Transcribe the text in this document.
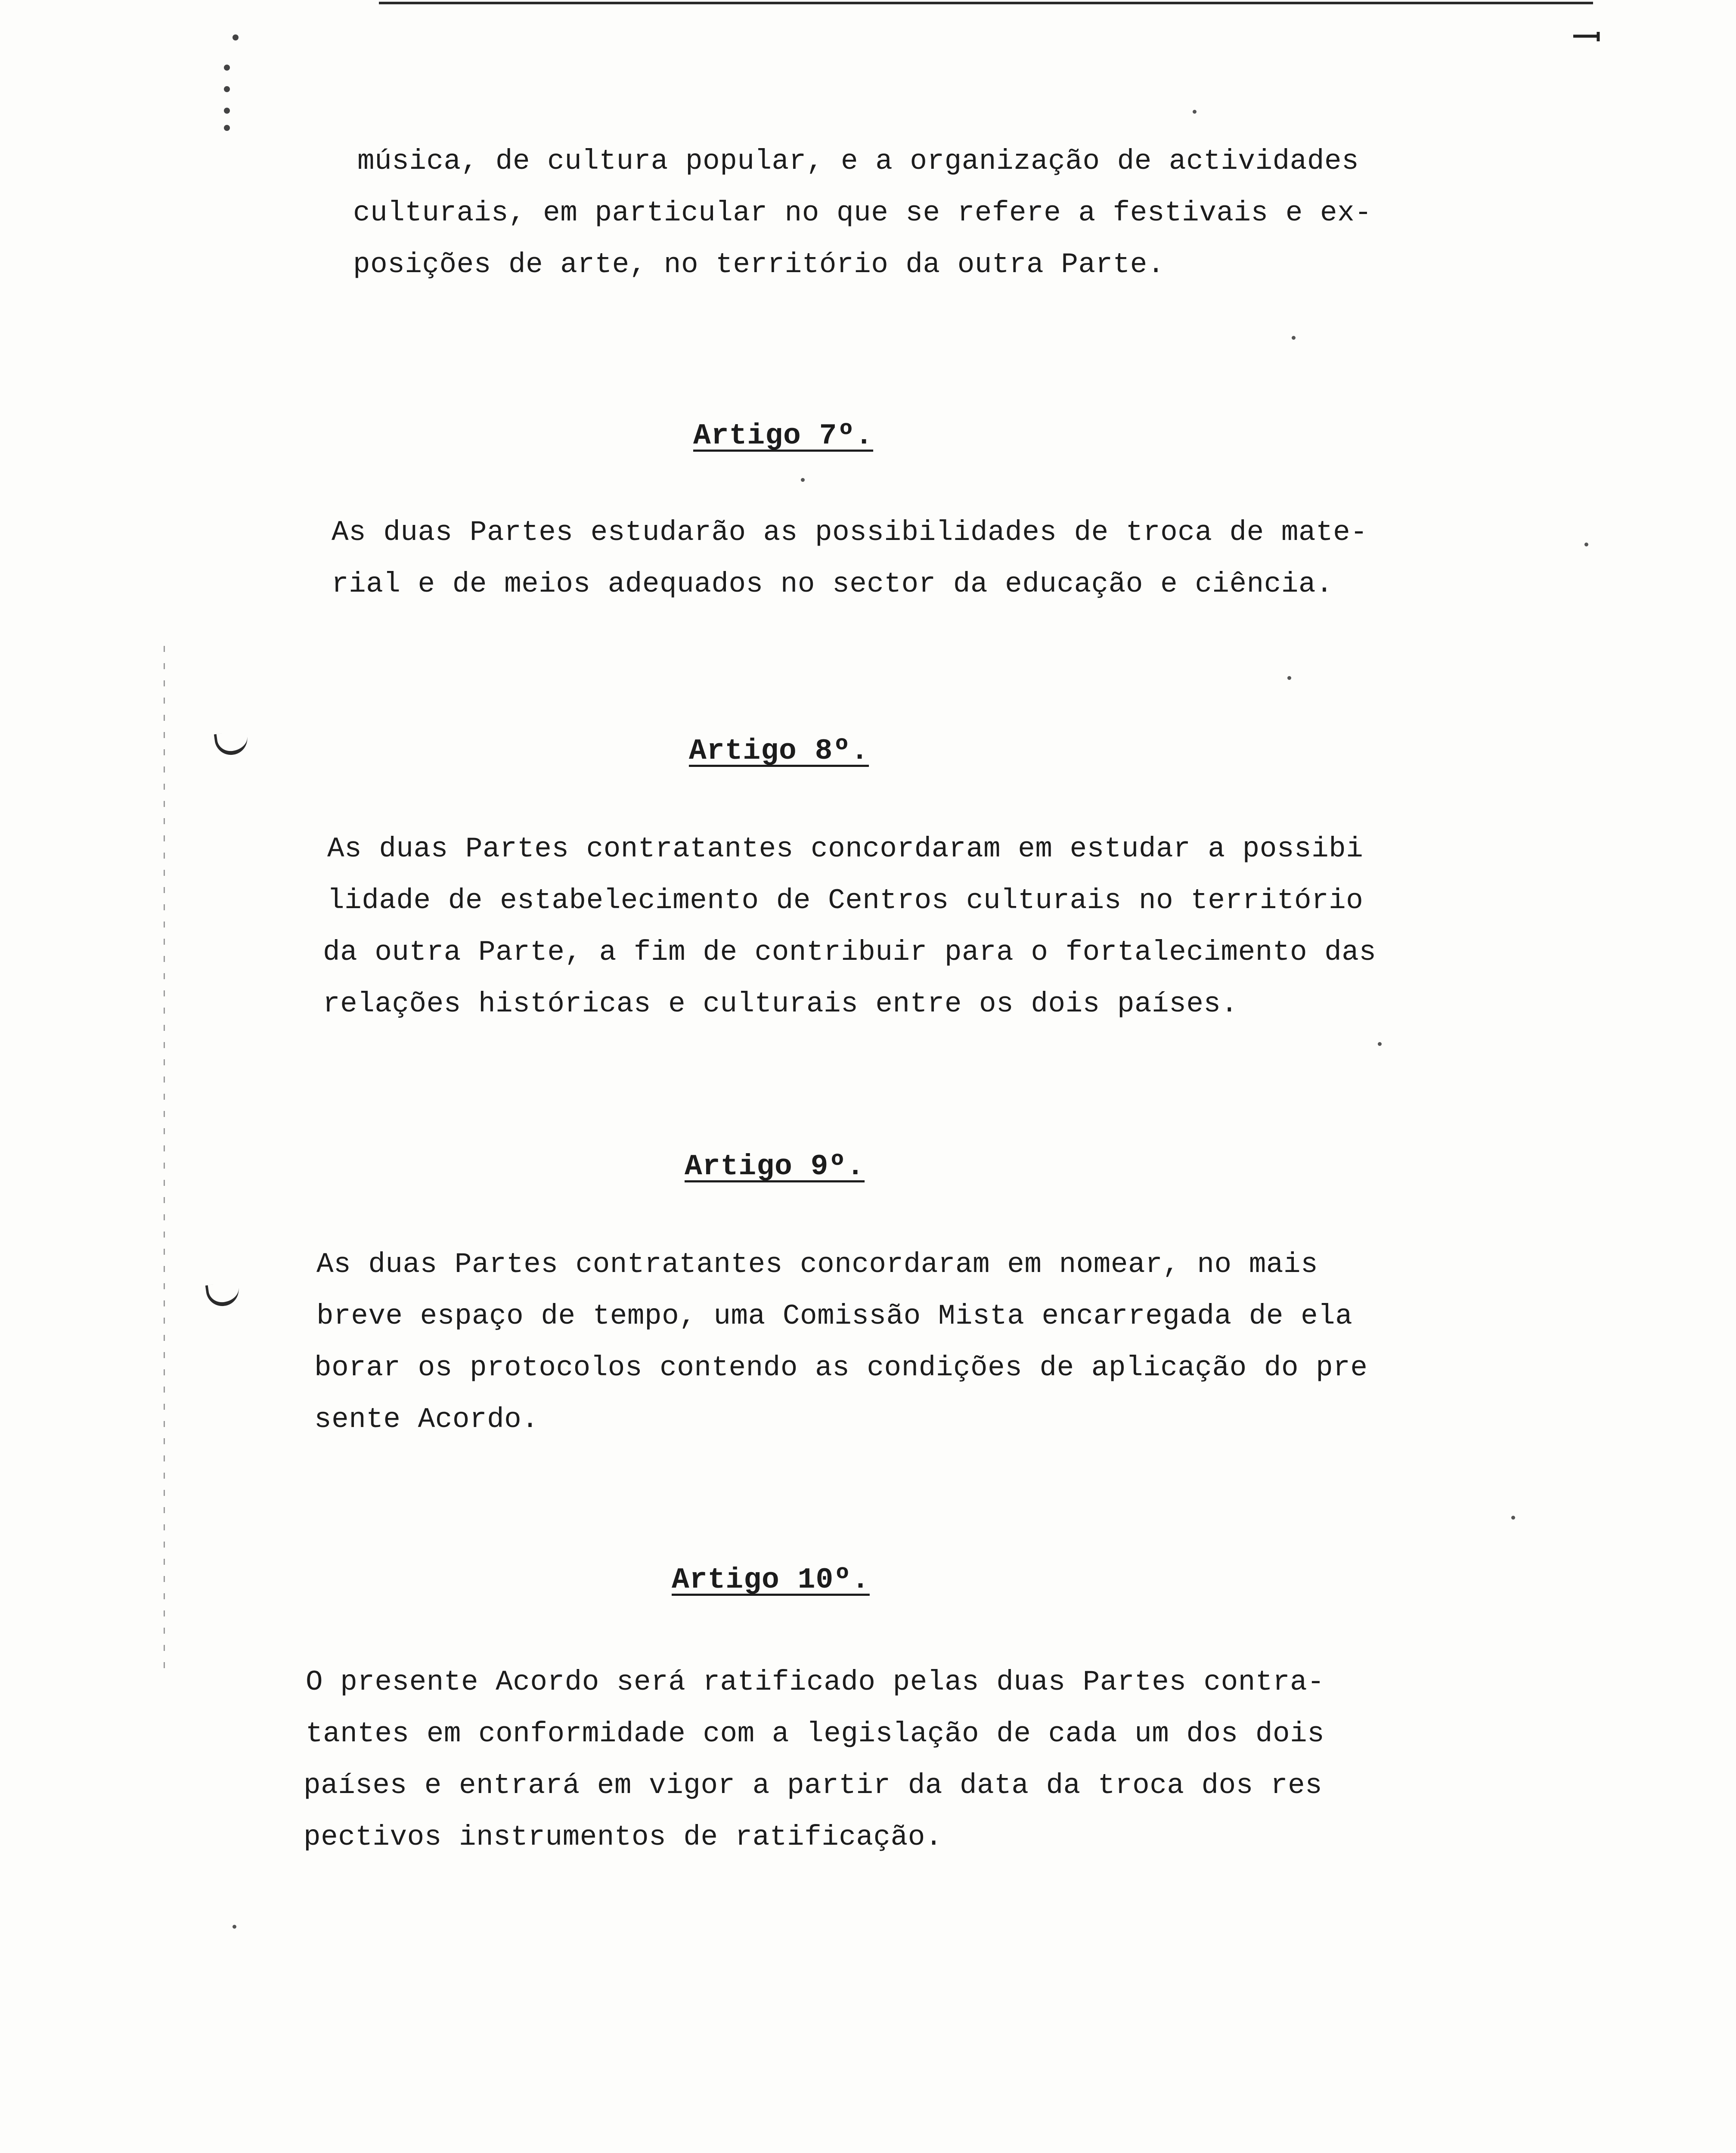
música, de cultura popular, e a organização de actividades

culturais, em particular no que se refere a festivais e ex-

posições de arte, no território da outra Parte.

Artigo 7º.

As duas Partes estudarão as possibilidades de troca de mate-

rial e de meios adequados no sector da educação e ciência.

Artigo 8º.

As duas Partes contratantes concordaram em estudar a possibi

lidade de estabelecimento de Centros culturais no território

da outra Parte, a fim de contribuir para o fortalecimento das

relações históricas e culturais entre os dois países.

Artigo 9º.

As duas Partes contratantes concordaram em nomear, no mais

breve espaço de tempo, uma Comissão Mista encarregada de ela

borar os protocolos contendo as condições de aplicação do pre

sente Acordo.

Artigo 10º.

O presente Acordo será ratificado pelas duas Partes contra-

tantes em conformidade com a legislação de cada um dos dois

países e entrará em vigor a partir da data da troca dos res

pectivos instrumentos de ratificação.
